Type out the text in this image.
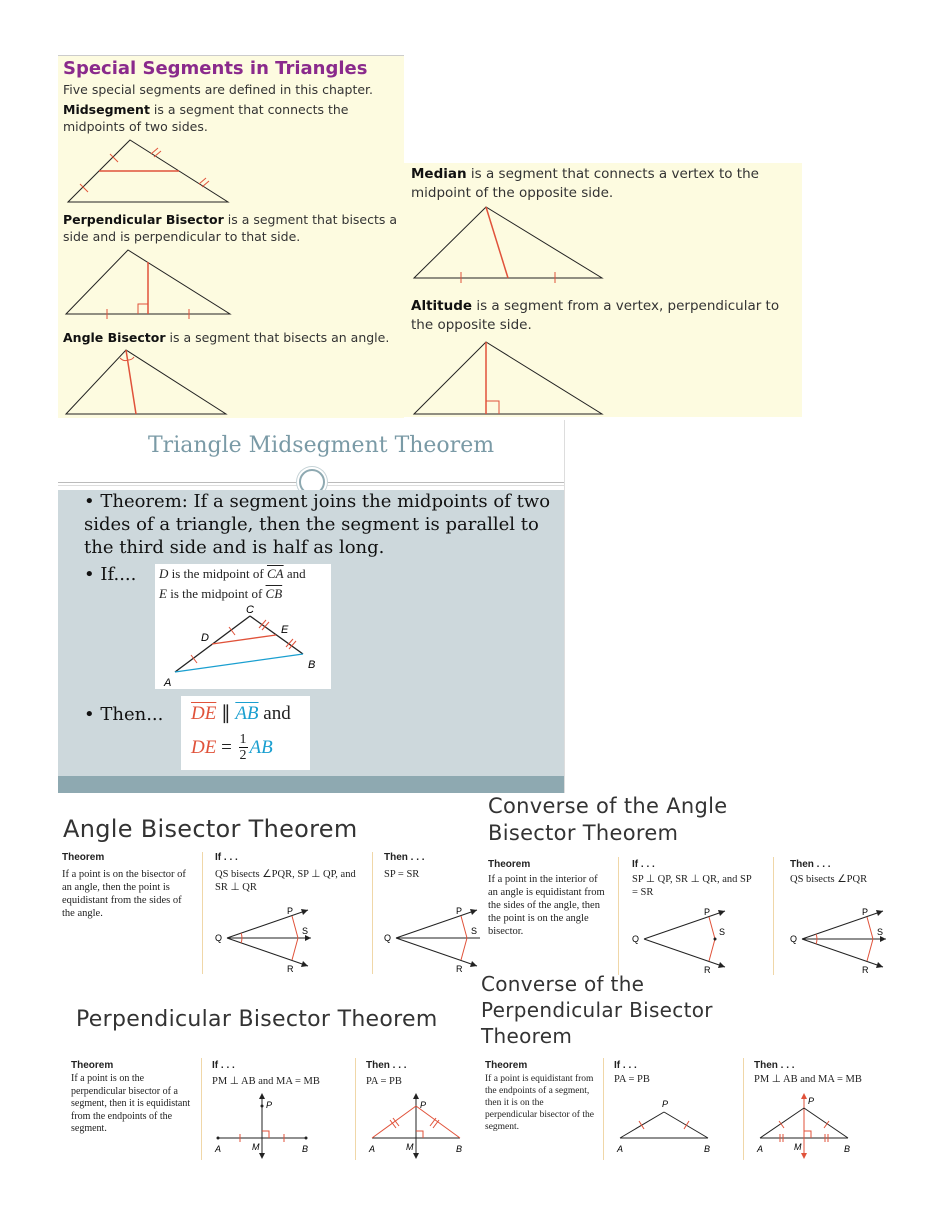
Special Segments in Triangles
Five special segments are defined in this chapter.
Midsegment is a segment that connects the midpoints of two sides.
Perpendicular Bisector is a segment that bisects a side and is perpendicular to that side.
Angle Bisector is a segment that bisects an angle.
Median is a segment that connects a vertex to the midpoint of the opposite side.
Altitude is a segment from a vertex, perpendicular to the opposite side.
Triangle Midsegment Theorem
• Theorem: If a segment joins the midpoints of two sides of a triangle, then the segment is parallel to the third side and is half as long.
• If.... D is the midpoint of $\overline{CA}$ and
E is the midpoint of $\overline{CB}$
A
B
C
D
E
• Then... $\overline{DE}$ ∥ $\overline{AB}$ and
DE = $\frac{1}{2}$ AB
Angle Bisector Theorem
Theorem
If a point is on the bisector of an angle, then the point is equidistant from the sides of the angle.
If . . .
QS bisects ∠PQR, SP ⊥ QP, and SR ⊥ QR
P
Q
R
S
Then . . .
SP = SR
P
Q
R
S
Converse of the Angle
Bisector Theorem
Theorem
If a point in the interior of an angle is equidistant from the sides of the angle, then the point is on the angle bisector.
If . . .
SP ⊥ QP, SR ⊥ QR, and SP = SR
P
Q
R
S
Then . . .
QS bisects ∠PQR
P
Q
R
S
Perpendicular Bisector Theorem
Theorem
If a point is on the perpendicular bisector of a segment, then it is equidistant from the endpoints of the segment.
If . . .
PM ⊥ AB and MA = MB
A	B
M
P
Then . . .
PA = PB
A	B
M
P
Converse of the
Perpendicular Bisector
Theorem
Theorem
If a point is equidistant from the endpoints of a segment, then it is on the perpendicular bisector of the segment.
If . . .
PA = PB
A	B
P
Then . . .
PM ⊥ AB and MA = MB
A	B
M
P
